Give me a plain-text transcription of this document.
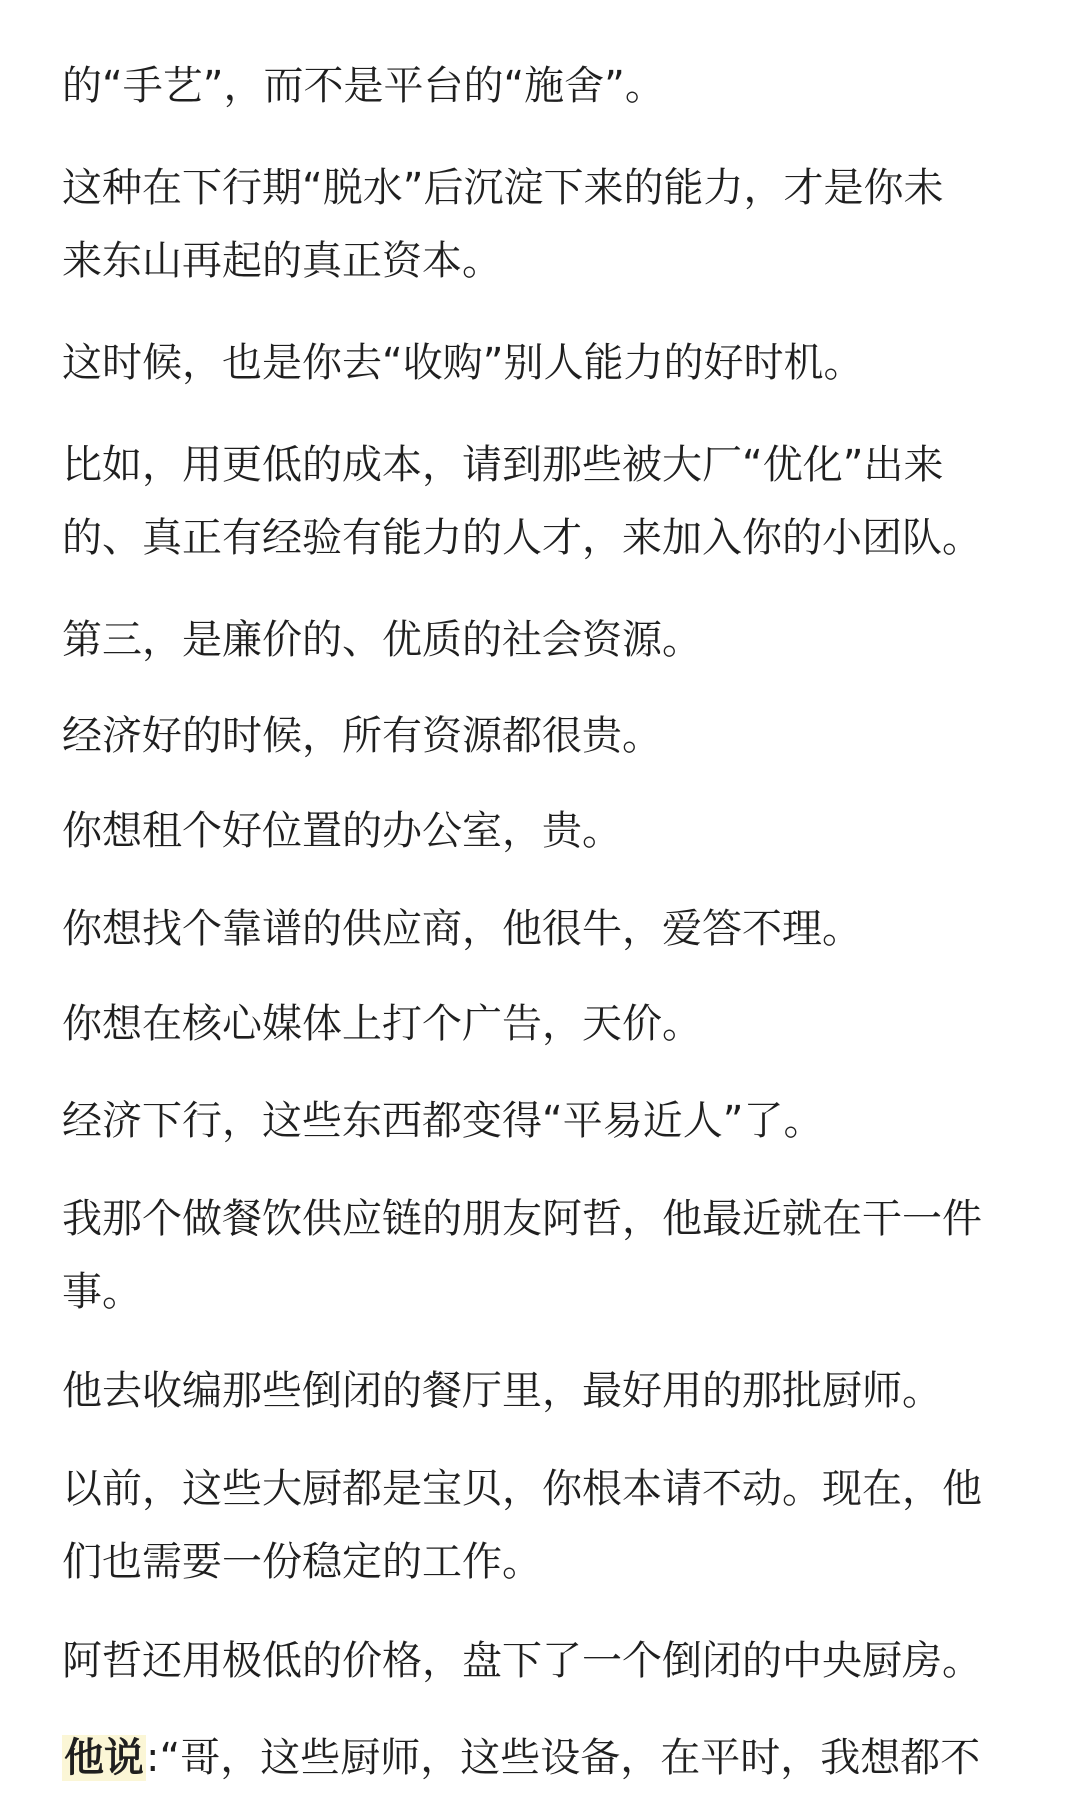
的“手艺”，而不是平台的“施舍”。
这种在下行期“脱水”后沉淀下来的能力，才是你未
来东山再起的真正资本。
这时候，也是你去“收购”别人能力的好时机。
比如，用更低的成本，请到那些被大厂“优化”出来
的、真正有经验有能力的人才，来加入你的小团队。
第三，是廉价的、优质的社会资源。
经济好的时候，所有资源都很贵。
你想租个好位置的办公室，贵。
你想找个靠谱的供应商，他很牛，爱答不理。
你想在核心媒体上打个广告，天价。
经济下行，这些东西都变得“平易近人”了。
我那个做餐饮供应链的朋友阿哲，他最近就在干一件
事。
他去收编那些倒闭的餐厅里，最好用的那批厨师。
以前，这些大厨都是宝贝，你根本请不动。现在，他
们也需要一份稳定的工作。
阿哲还用极低的价格，盘下了一个倒闭的中央厨房。
他说:“哥，这些厨师，这些设备，在平时，我想都不
